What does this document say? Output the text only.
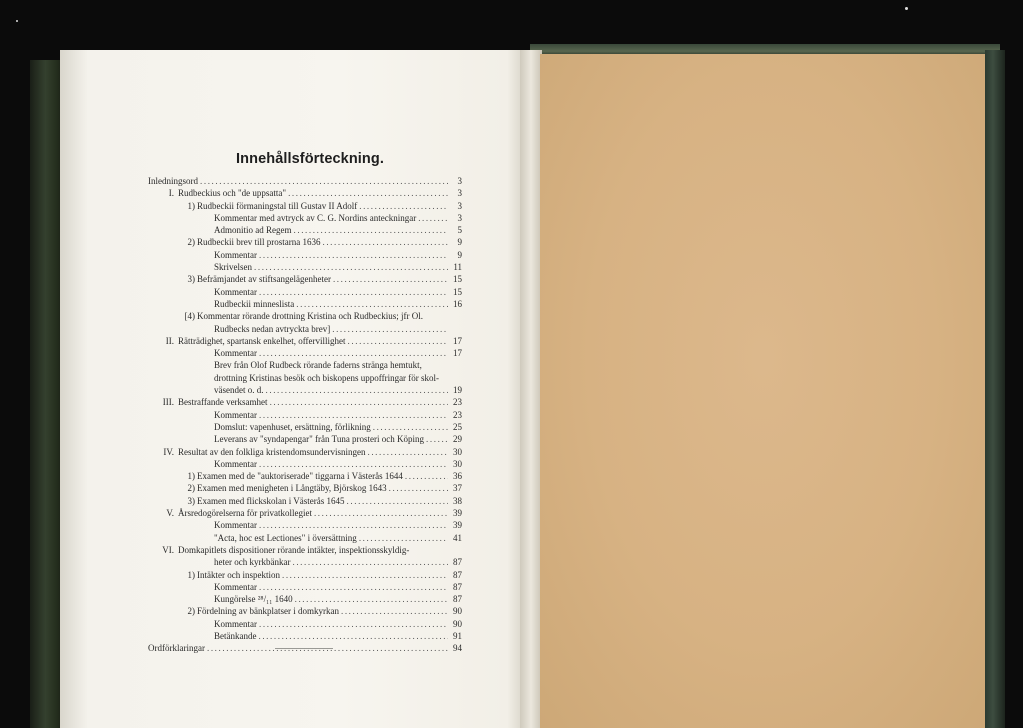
Innehållsförteckning.
Inledningsord .....	3
I. Rudbeckius och "de uppsatta" .....	3
1) Rudbeckii förmaningstal till Gustav II Adolf .....	3
Kommentar med avtryck av C. G. Nordins anteckningar .....	3
Admonitio ad Regem .....	5
2) Rudbeckii brev till prostarna 1636 .....	9
Kommentar .....	9
Skrivelsen .....	11
3) Befrämjandet av stiftsangelägenheter .....	15
Kommentar .....	15
Rudbeckii minneslista .....	16
[4) Kommentar rörande drottning Kristina och Rudbeckius; jfr Ol.
Rudbecks nedan avtryckta brev]
.....
II. Rätträdighet, spartansk enkelhet, offervillighet .....	17
Kommentar .....	17
Brev från Olof Rudbeck rörande faderns stränga hemtukt,
drottning Kristinas besök och biskopens uppoffringar för skol-
väsendet o. d. .....	19
III. Bestraffande verksamhet .....	23
Kommentar .....	23
Domslut: vapenhuset, ersättning, förlikning .....	25
Leverans av "syndapengar" från Tuna prosteri och Köping .....	29
IV. Resultat av den folkliga kristendomsundervisningen .....	30
Kommentar .....	30
1) Examen med de "auktoriserade" tiggarna i Västerås 1644 .....	36
2) Examen med menigheten i Långtäby, Björskog 1643 .....	37
3) Examen med flickskolan i Västerås 1645 .....	38
V. Årsredogörelserna för privatkollegiet .....	39
Kommentar .....	39
"Acta, hoc est Lectiones" i översättning .....	41
VI. Domkapitlets dispositioner rörande intäkter, inspektionsskyldig-
heter och kyrkbänkar .....	87
1) Intäkter och inspektion .....	87
Kommentar .....	87
Kungörelse ²⁸/₁₁ 1640 .....	87
2) Fördelning av bänkplatser i domkyrkan .....	90
Kommentar .....	90
Betänkande .....	91
Ordförklaringar .....	94
